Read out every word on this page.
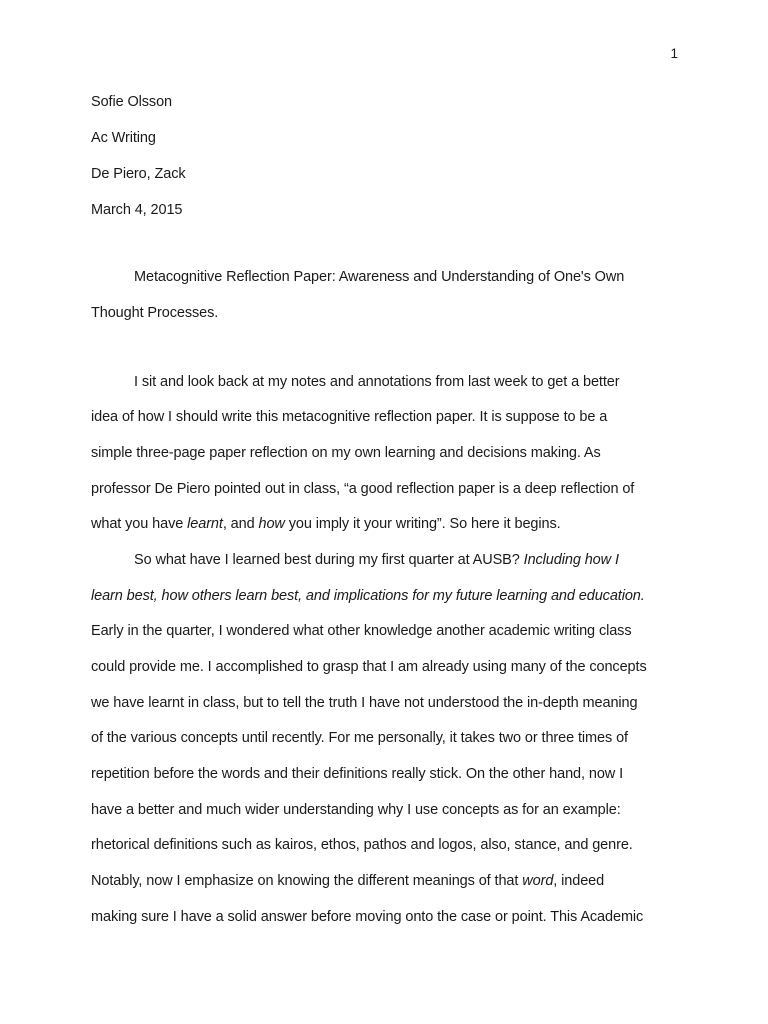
1
Sofie Olsson
Ac Writing
De Piero, Zack
March 4, 2015
Metacognitive Reflection Paper: Awareness and Understanding of One's Own
Thought Processes.
I sit and look back at my notes and annotations from last week to get a better
idea of how I should write this metacognitive reflection paper. It is suppose to be a
simple three-page paper reflection on my own learning and decisions making. As
professor De Piero pointed out in class, “a good reflection paper is a deep reflection of
what you have learnt, and how you imply it your writing”. So here it begins.
So what have I learned best during my first quarter at AUSB? Including how I
learn best, how others learn best, and implications for my future learning and education.
Early in the quarter, I wondered what other knowledge another academic writing class
could provide me. I accomplished to grasp that I am already using many of the concepts
we have learnt in class, but to tell the truth I have not understood the in-depth meaning
of the various concepts until recently. For me personally, it takes two or three times of
repetition before the words and their definitions really stick. On the other hand, now I
have a better and much wider understanding why I use concepts as for an example:
rhetorical definitions such as kairos, ethos, pathos and logos, also, stance, and genre.
Notably, now I emphasize on knowing the different meanings of that word, indeed
making sure I have a solid answer before moving onto the case or point. This Academic
